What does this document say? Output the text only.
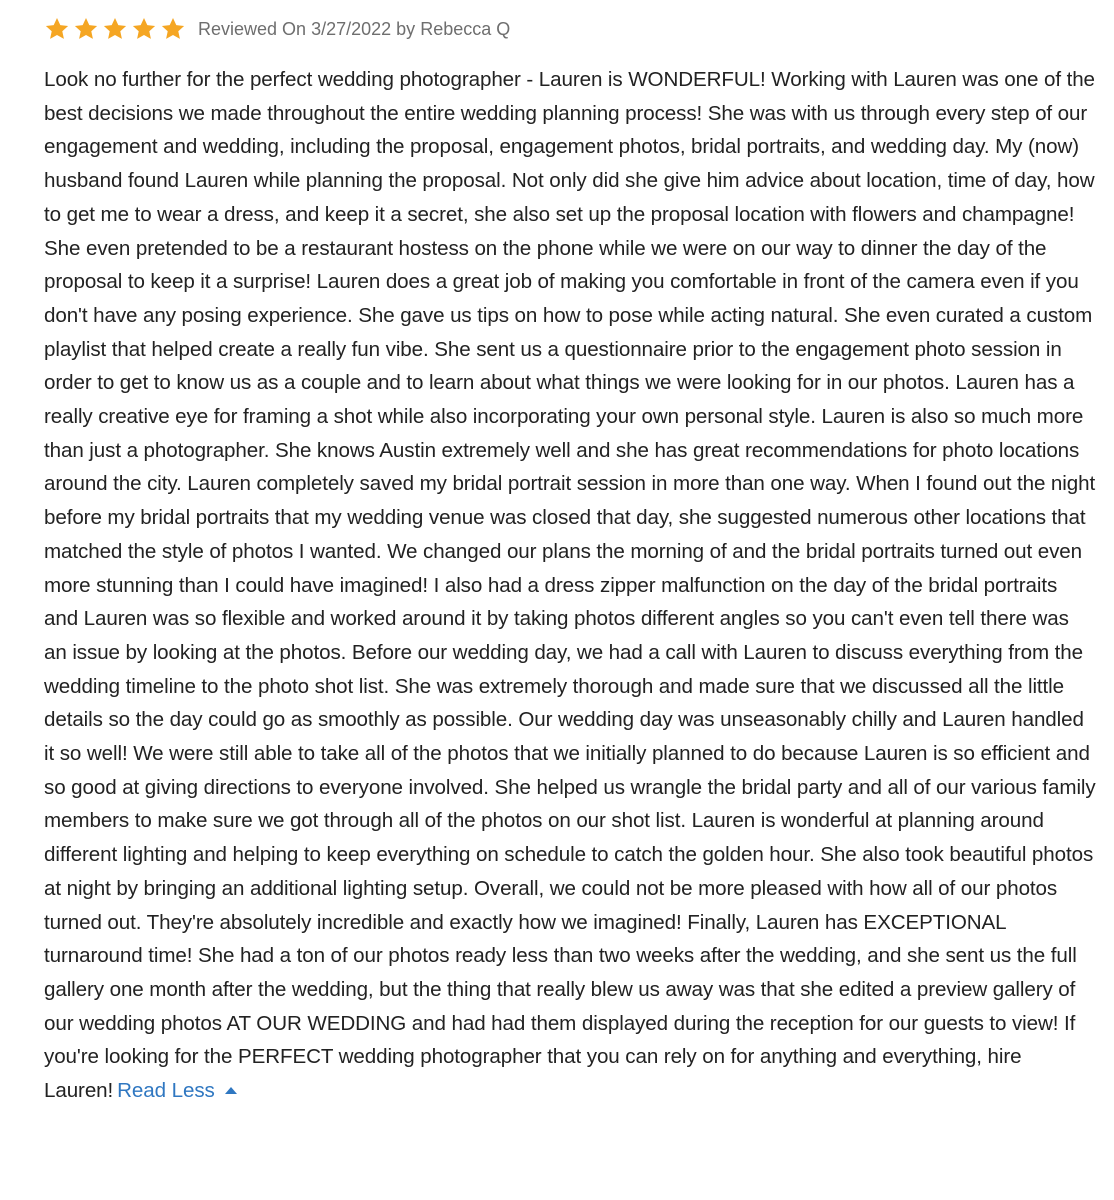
Reviewed On 3/27/2022 by Rebecca Q
Look no further for the perfect wedding photographer - Lauren is WONDERFUL! Working with Lauren was one of the best decisions we made throughout the entire wedding planning process! She was with us through every step of our engagement and wedding, including the proposal, engagement photos, bridal portraits, and wedding day. My (now) husband found Lauren while planning the proposal. Not only did she give him advice about location, time of day, how to get me to wear a dress, and keep it a secret, she also set up the proposal location with flowers and champagne! She even pretended to be a restaurant hostess on the phone while we were on our way to dinner the day of the proposal to keep it a surprise! Lauren does a great job of making you comfortable in front of the camera even if you don't have any posing experience. She gave us tips on how to pose while acting natural. She even curated a custom playlist that helped create a really fun vibe. She sent us a questionnaire prior to the engagement photo session in order to get to know us as a couple and to learn about what things we were looking for in our photos. Lauren has a really creative eye for framing a shot while also incorporating your own personal style. Lauren is also so much more than just a photographer. She knows Austin extremely well and she has great recommendations for photo locations around the city. Lauren completely saved my bridal portrait session in more than one way. When I found out the night before my bridal portraits that my wedding venue was closed that day, she suggested numerous other locations that matched the style of photos I wanted. We changed our plans the morning of and the bridal portraits turned out even more stunning than I could have imagined! I also had a dress zipper malfunction on the day of the bridal portraits and Lauren was so flexible and worked around it by taking photos different angles so you can't even tell there was an issue by looking at the photos. Before our wedding day, we had a call with Lauren to discuss everything from the wedding timeline to the photo shot list. She was extremely thorough and made sure that we discussed all the little details so the day could go as smoothly as possible. Our wedding day was unseasonably chilly and Lauren handled it so well! We were still able to take all of the photos that we initially planned to do because Lauren is so efficient and so good at giving directions to everyone involved. She helped us wrangle the bridal party and all of our various family members to make sure we got through all of the photos on our shot list. Lauren is wonderful at planning around different lighting and helping to keep everything on schedule to catch the golden hour. She also took beautiful photos at night by bringing an additional lighting setup. Overall, we could not be more pleased with how all of our photos turned out. They're absolutely incredible and exactly how we imagined! Finally, Lauren has EXCEPTIONAL turnaround time! She had a ton of our photos ready less than two weeks after the wedding, and she sent us the full gallery one month after the wedding, but the thing that really blew us away was that she edited a preview gallery of our wedding photos AT OUR WEDDING and had had them displayed during the reception for our guests to view! If you're looking for the PERFECT wedding photographer that you can rely on for anything and everything, hire Lauren! Read Less
